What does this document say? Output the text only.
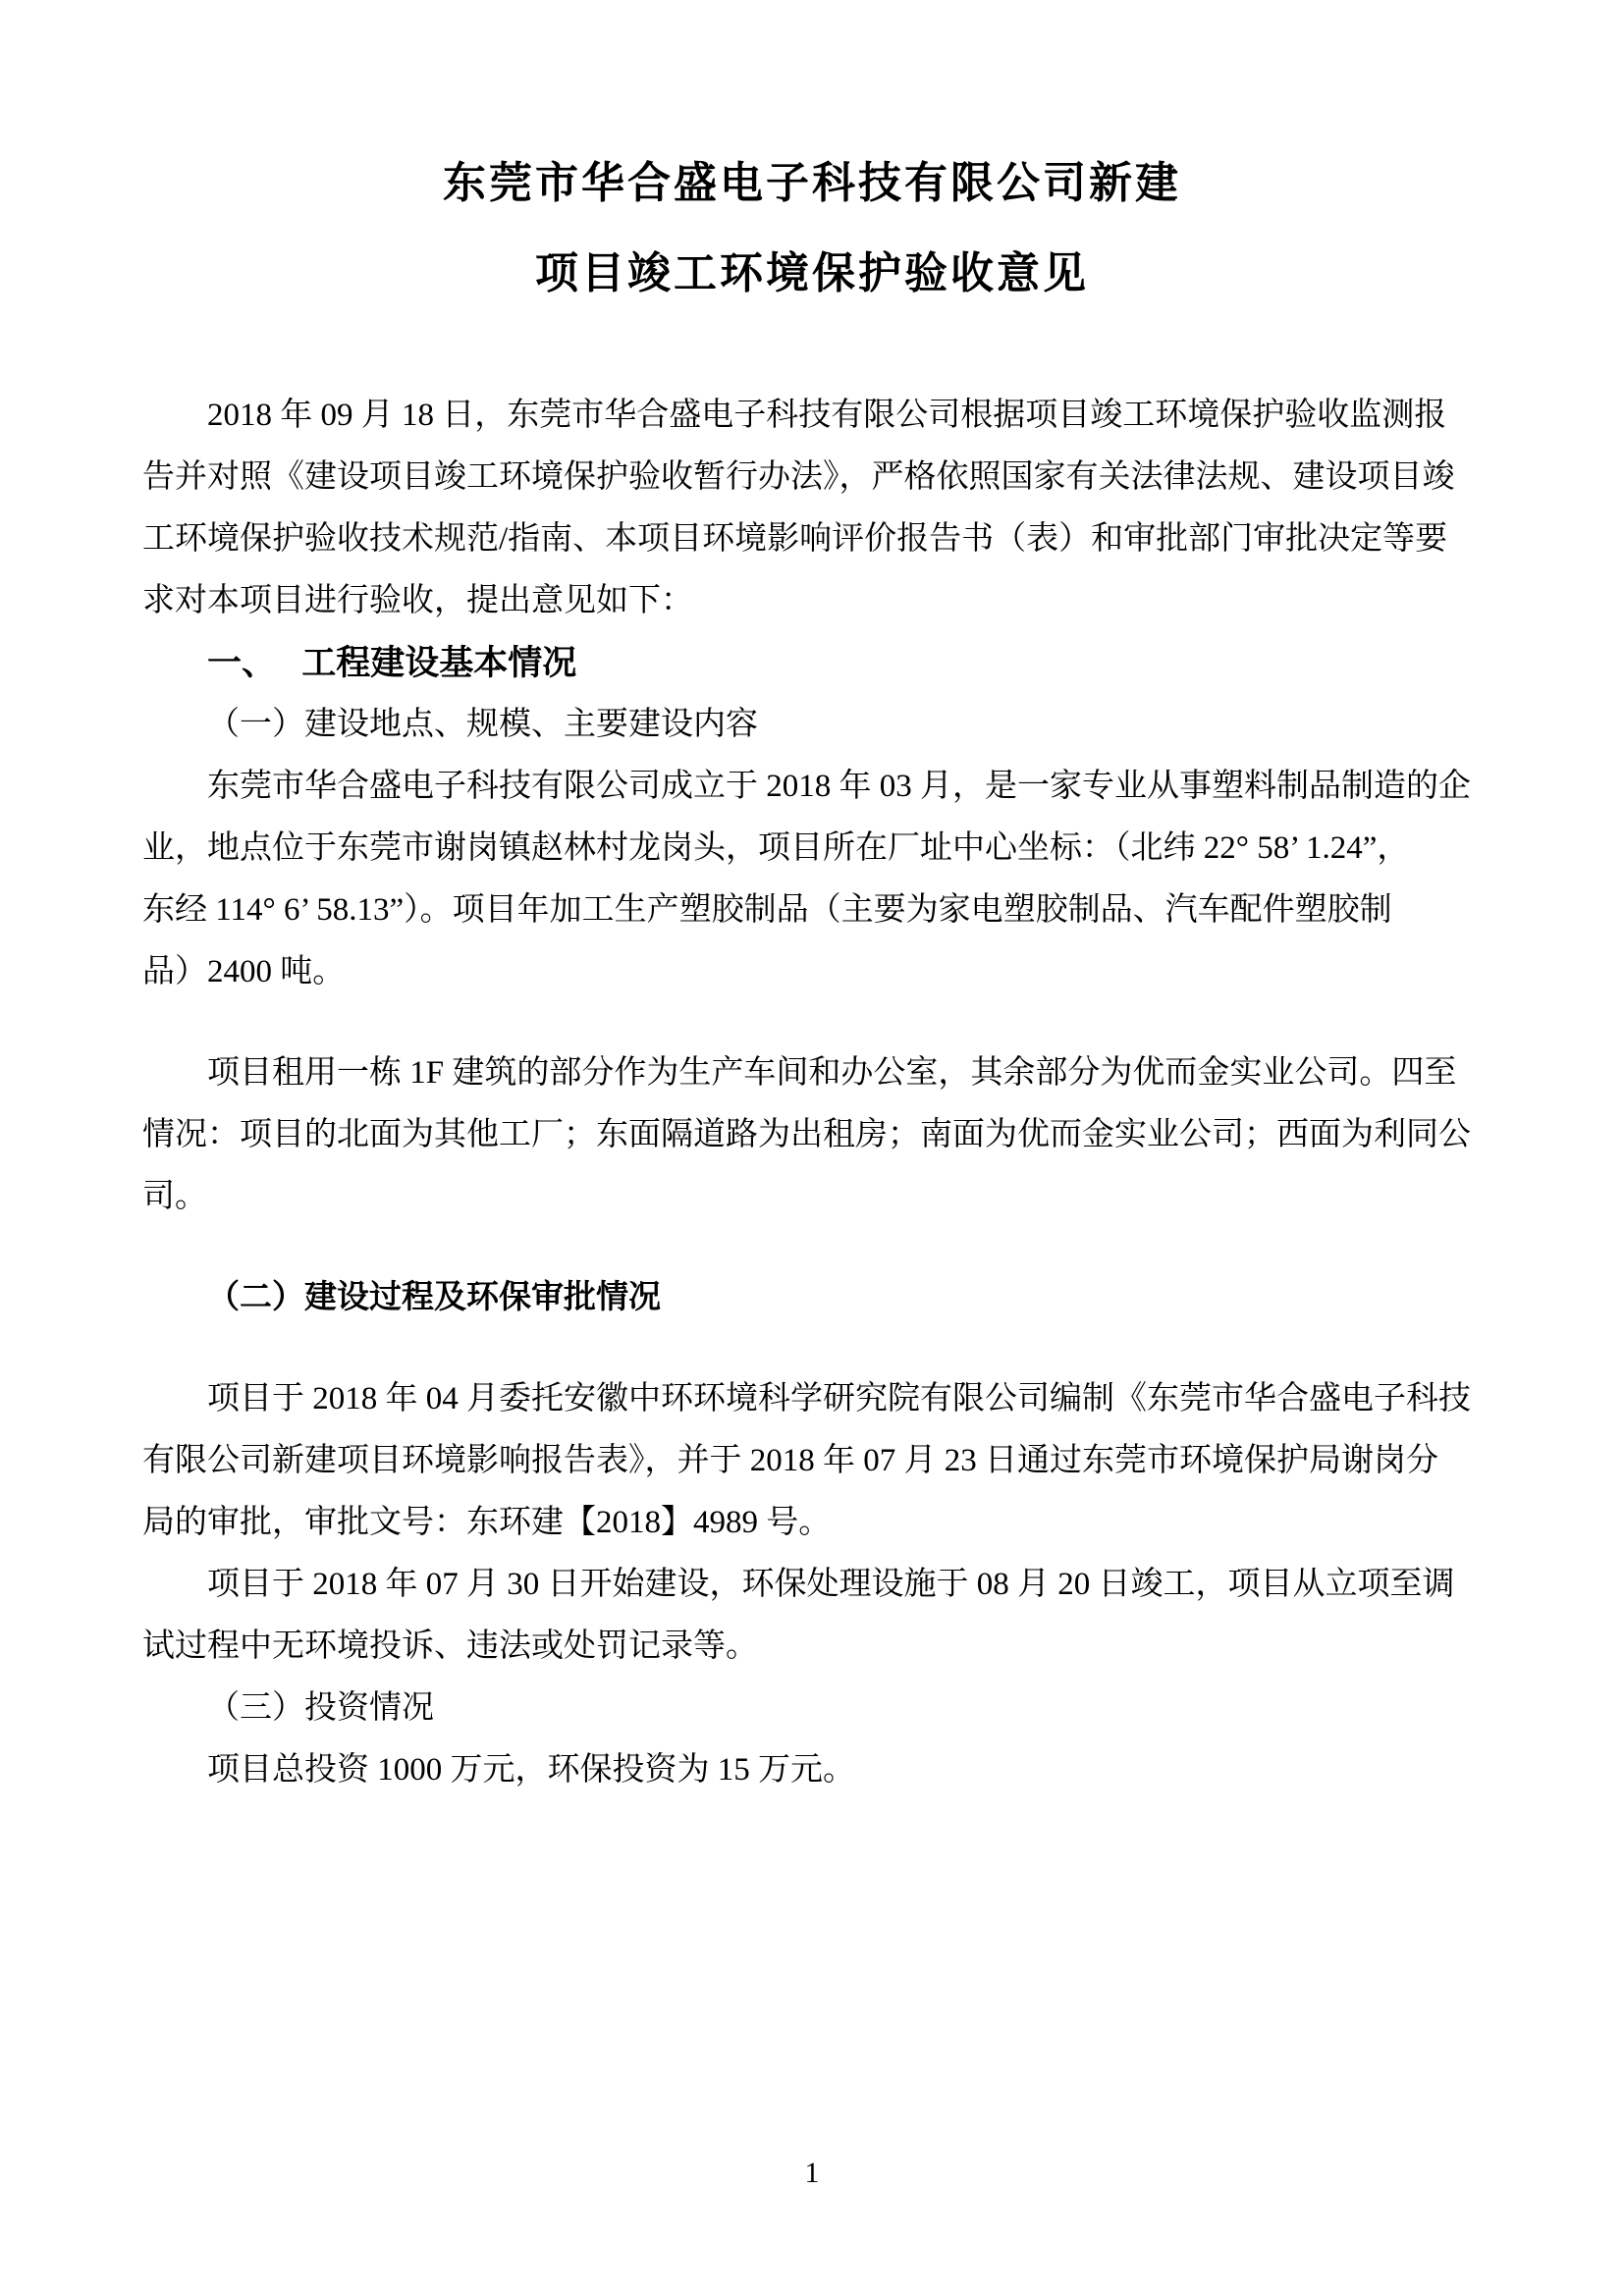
东莞市华合盛电子科技有限公司新建
项目竣工环境保护验收意见
2018 年 09 月 18 日，东莞市华合盛电子科技有限公司根据项目竣工环境保护验收监测报
告并对照《建设项目竣工环境保护验收暂行办法》，严格依照国家有关法律法规、建设项目竣
工环境保护验收技术规范/指南、本项目环境影响评价报告书（表）和审批部门审批决定等要
求对本项目进行验收，提出意见如下：
一、　 工程建设基本情况
（一）建设地点、规模、主要建设内容
东莞市华合盛电子科技有限公司成立于 2018 年 03 月，是一家专业从事塑料制品制造的企
业，地点位于东莞市谢岗镇赵林村龙岗头，项目所在厂址中心坐标：（北纬 22° 58’ 1.24”，
东经 114° 6’ 58.13”）。项目年加工生产塑胶制品（主要为家电塑胶制品、汽车配件塑胶制
品）2400 吨。
项目租用一栋 1F 建筑的部分作为生产车间和办公室，其余部分为优而金实业公司。四至
情况：项目的北面为其他工厂；东面隔道路为出租房；南面为优而金实业公司；西面为利同公
司。
（二）建设过程及环保审批情况
项目于 2018 年 04 月委托安徽中环环境科学研究院有限公司编制《东莞市华合盛电子科技
有限公司新建项目环境影响报告表》，并于 2018 年 07 月 23 日通过东莞市环境保护局谢岗分
局的审批，审批文号：东环建【2018】4989 号。
项目于 2018 年 07 月 30 日开始建设，环保处理设施于 08 月 20 日竣工，项目从立项至调
试过程中无环境投诉、违法或处罚记录等。
（三）投资情况
项目总投资 1000 万元，环保投资为 15 万元。
1
